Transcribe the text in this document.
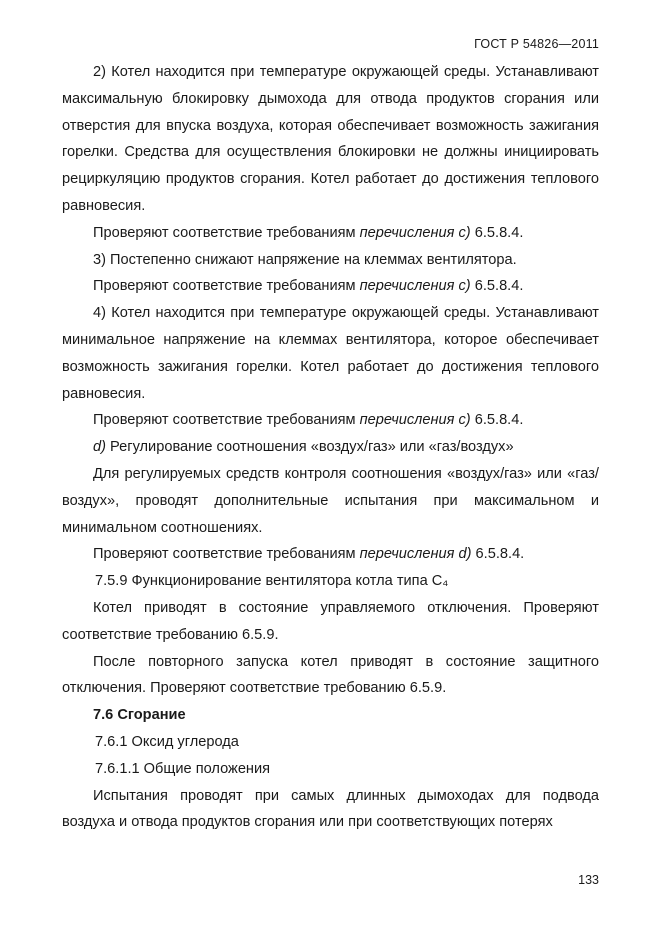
ГОСТ Р 54826—2011

2) Котел находится при температуре окружающей среды. Устанавливают максимальную блокировку дымохода для отвода продуктов сгорания или отверстия для впуска воздуха, которая обеспечивает возможность зажигания горелки. Средства для осуществления блокировки не должны инициировать рециркуляцию продуктов сгорания. Котел работает до достижения теплового равновесия.

Проверяют соответствие требованиям перечисления с) 6.5.8.4.

3) Постепенно снижают напряжение на клеммах вентилятора.

Проверяют соответствие требованиям перечисления с) 6.5.8.4.

4) Котел находится при температуре окружающей среды. Устанавливают минимальное напряжение на клеммах вентилятора, которое обеспечивает возможность зажигания горелки. Котел работает до достижения теплового равновесия.

Проверяют соответствие требованиям перечисления с) 6.5.8.4.

d) Регулирование соотношения «воздух/газ» или «газ/воздух»

Для регулируемых средств контроля соотношения «воздух/газ» или «газ/воздух», проводят дополнительные испытания при максимальном и минимальном соотношениях.

Проверяют соответствие требованиям перечисления d) 6.5.8.4.

7.5.9 Функционирование вентилятора котла типа С₄

Котел приводят в состояние управляемого отключения. Проверяют соответствие требованию 6.5.9.

После повторного запуска котел приводят в состояние защитного отключения. Проверяют соответствие требованию 6.5.9.

7.6 Сгорание

7.6.1 Оксид углерода

7.6.1.1 Общие положения

Испытания проводят при самых длинных дымоходах для подвода воздуха и отвода продуктов сгорания или при соответствующих потерях

133
